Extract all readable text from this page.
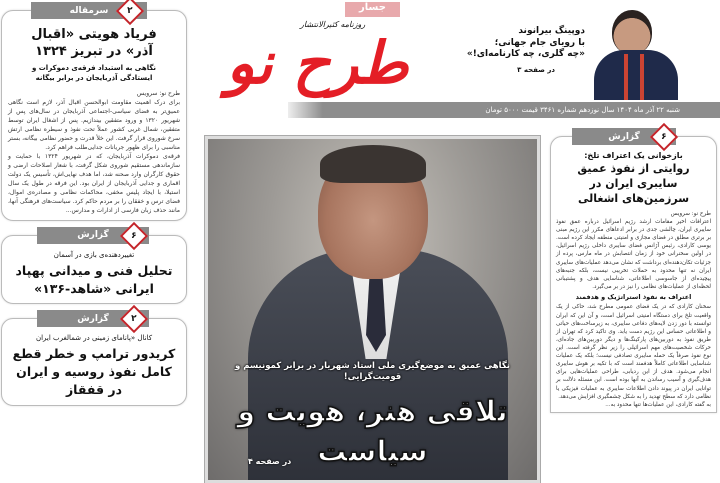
سرمقاله	۲
فریاد هویتی «اقبال آذر» در تبریز ۱۳۲۴
نگاهی به استبداد فرقه‌ی دموکرات و ایستادگی آذربایجان در برابر بیگانه
طرح نو: سرویس
برای درک اهمیت مقاومت ابوالحسن اقبال آذر، لازم است نگاهی عمیق‌تر به فضای سیاسی-اجتماعی آذربایجان در سال‌های پس از شهریور ۱۳۲۰ و ورود متفقین بیندازیم. پس از اشغال ایران توسط متفقین، شمال غربی کشور عملاً تحت نفوذ و سیطره نظامی ارتش سرخ شوروی قرار گرفت. این خلأ قدرت و حضور نظامی بیگانه، بستر مناسبی را برای ظهور جریانات جدایی‌طلب فراهم کرد.
فرقه‌ی دموکرات آذربایجان، که در شهریور ۱۳۲۴ با حمایت و سازماندهی مستقیم شوروی شکل گرفت، با شعار اصلاحات ارضی و حقوق کارگران وارد صحنه شد، اما هدف نهایی‌اش، تأسیس یک دولت اقماری و جدایی آذربایجان از ایران بود. این فرقه در طول یک سال استیلا، با ایجاد پلیس مخفی، محاکمات نظامی و مصادره‌ی اموال، فضای ترس و خفقان را بر مردم حاکم کرد. سیاست‌های فرهنگی آنها، مانند حذف زبان فارسی از ادارات و مدارس...
گزارش	۶
تغییردهنده‌ی بازی در آسمان
تحلیل فنی و میدانی پهپاد ایرانی «شاهد-۱۳۶»
گزارش	۲
کانال «پانامای زمینی در شمالغرب ایران
کریدور ترامپ و خطر قطع کامل نفوذ روسیه و ایران در قفقاز
جسار
روزنامه کثیرالانتشار
طرح نو	دوپینگ بیرانوند
با رویای جام جهانی؛
«چه گلری، چه کارنامه‌ای!»
در صفحه ۳
شنبه ۲۲ آذر ماه ۱۴۰۴ سال نوزدهم شماره ۳۴۶۱ قیمت ۵۰۰۰ تومان
نگاهی عمیق به موضع‌گیری ملی استاد شهریار در برابر کمونیسم و قومیت‌گرایی!
تلاقی هنر، هویت و
سیاست
در صفحه ۴
گزارش	۶
بازخوانی یک اعتراف تلخ:
روایتی از نفوذ عمیق سایبری ایران در سرزمین‌های اشغالی
طرح نو: سرویس
اعترافات اخیر مقامات ارشد رژیم اسرائیل درباره عمق نفوذ سایبری ایران، چالشی جدی در برابر ادعاهای مکرر این رژیم مبنی بر برتری مطلق در فضای مجازی و امنیتی منطقه ایجاد کرده است. یوسی کارادی، رئیس آژانس فضای سایبری داخلی رژیم اسرائیل، در اولین سخنرانی خود از زمان انتصابش در ماه مارس، پرده از جزئیات تکان‌دهنده‌ای برداشت که نشان می‌دهد عملیات‌های سایبری ایران نه تنها محدود به حملات تخریبی نیست، بلکه جنبه‌های پیچیده‌ای از جاسوسی اطلاعاتی، شناسایی هدف و پشتیبانی لحظه‌ای از عملیات‌های نظامی را نیز در بر می‌گیرد.
اعتراف به نفوذ استراتژیک و هدفمند
سخنان کارادی که در یک فضای عمومی مطرح شد، حاکی از یک واقعیت تلخ برای دستگاه امنیتی اسرائیل است، و آن این که ایران توانسته با دور زدن لایه‌های دفاعی سایبری، به زیرساخت‌های حیاتی و اطلاعاتی حساس این رژیم دست یابد. وی تاکید کرد که تهران از طریق نفوذ به دوربین‌های پارکینگ‌ها و دیگر دوربین‌های جاده‌ای، حرکات شخصیت‌های مهم اسرائیلی را زیر نظر گرفته است. این نوع نفوذ صرفاً یک حمله سایبری تصادفی نیست؛ بلکه یک عملیات شناسایی اطلاعاتی کاملاً هدفمند است که با تکیه بر هوش سایبری انجام می‌شود. هدف از این ردیابی، طراحی عملیات‌هایی برای هدف‌گیری و آسیب رساندن به آنها بوده است. این مسئله دلالت بر توانایی ایران در پیوند دادن اطلاعات سایبری به عملیات فیزیکی یا نظامی دارد که سطح تهدید را به شکل چشمگیری افزایش می‌دهد.
به گفته کارادی، این عملیات‌ها تنها محدود به...
